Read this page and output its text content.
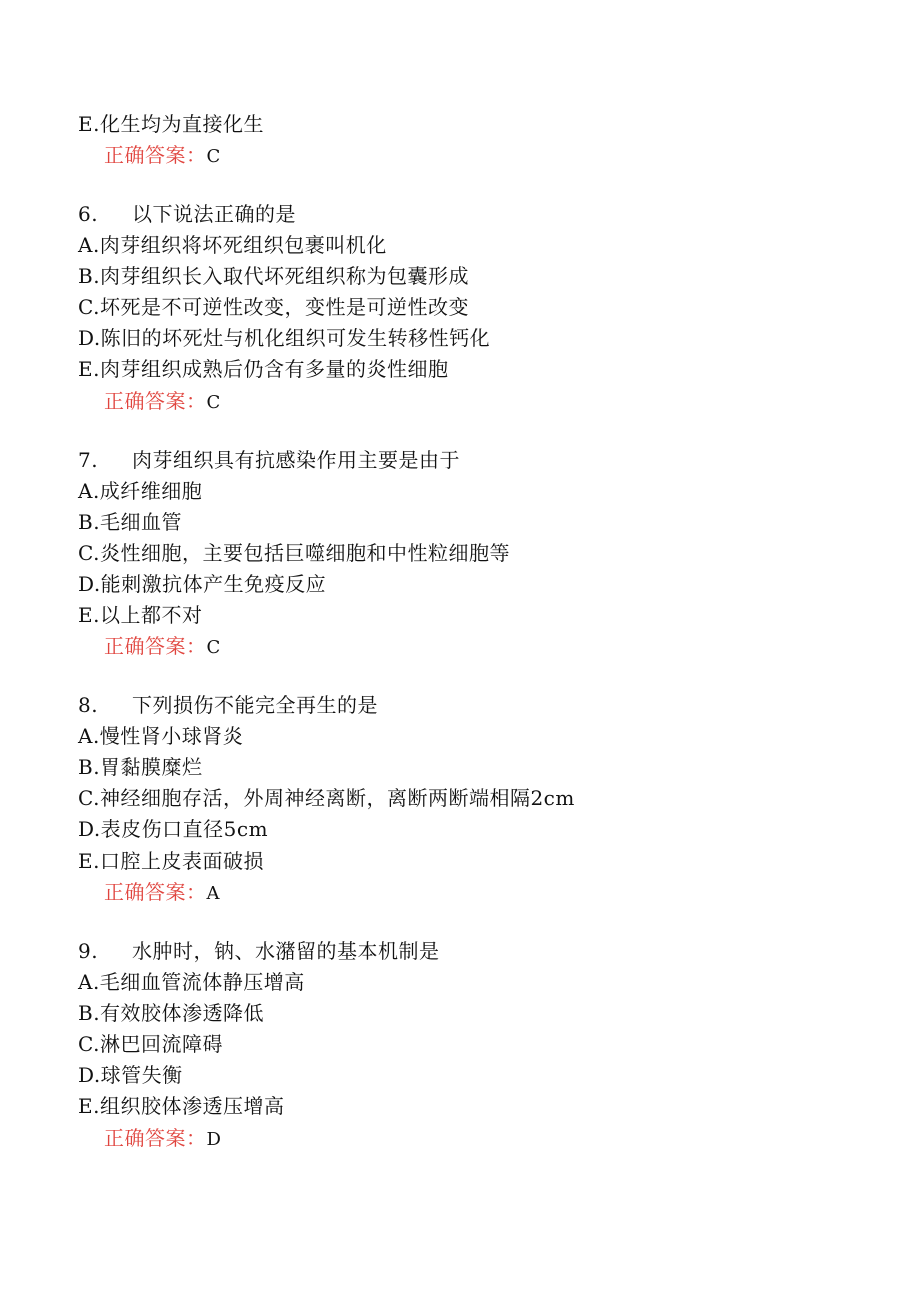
E.化生均为直接化生
正确答案：C
6. 以下说法正确的是
A.肉芽组织将坏死组织包裹叫机化
B.肉芽组织长入取代坏死组织称为包囊形成
C.坏死是不可逆性改变，变性是可逆性改变
D.陈旧的坏死灶与机化组织可发生转移性钙化
E.肉芽组织成熟后仍含有多量的炎性细胞
正确答案：C
7. 肉芽组织具有抗感染作用主要是由于
A.成纤维细胞
B.毛细血管
C.炎性细胞，主要包括巨噬细胞和中性粒细胞等
D.能刺激抗体产生免疫反应
E.以上都不对
正确答案：C
8. 下列损伤不能完全再生的是
A.慢性肾小球肾炎
B.胃黏膜糜烂
C.神经细胞存活，外周神经离断，离断两断端相隔2cm
D.表皮伤口直径5cm
E.口腔上皮表面破损
正确答案：A
9. 水肿时，钠、水潴留的基本机制是
A.毛细血管流体静压增高
B.有效胶体渗透降低
C.淋巴回流障碍
D.球管失衡
E.组织胶体渗透压增高
正确答案：D
